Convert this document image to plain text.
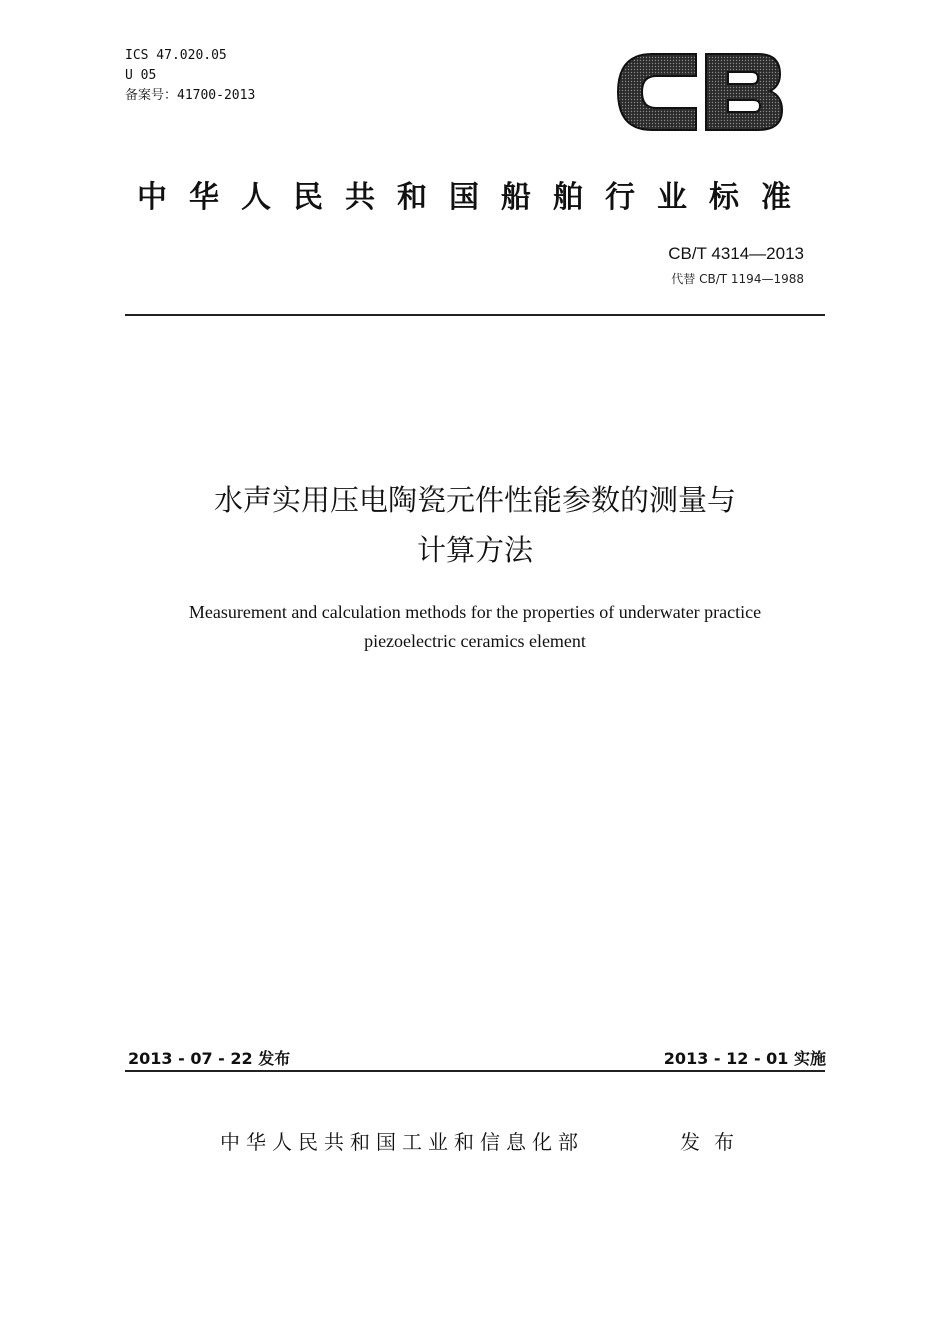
ICS 47.020.05
U 05
备案号：41700-2013
中华人民共和国船舶行业标准
CB/T 4314—2013
代替 CB/T 1194—1988
水声实用压电陶瓷元件性能参数的测量与
计算方法
Measurement and calculation methods for the properties of underwater practice
piezoelectric ceramics element
2013 - 07 - 22 发布	2013 - 12 - 01 实施
中华人民共和国工业和信息化部	发布
